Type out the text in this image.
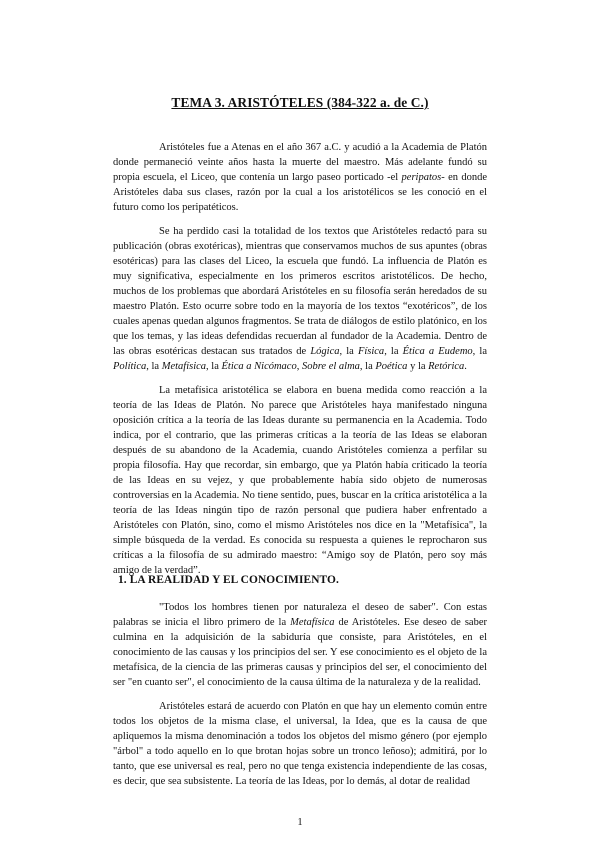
TEMA 3. ARISTÓTELES (384-322 a. de C.)

Aristóteles fue a Atenas en el año 367 a.C. y acudió a la Academia de Platón donde permaneció veinte años hasta la muerte del maestro. Más adelante fundó su propia escuela, el Liceo, que contenía un largo paseo porticado -el peripatos- en donde Aristóteles daba sus clases, razón por la cual a los aristotélicos se les conoció en el futuro como los peripatéticos.

Se ha perdido casi la totalidad de los textos que Aristóteles redactó para su publicación (obras exotéricas), mientras que conservamos muchos de sus apuntes (obras esotéricas) para las clases del Liceo, la escuela que fundó. La influencia de Platón es muy significativa, especialmente en los primeros escritos aristotélicos. De hecho, muchos de los problemas que abordará Aristóteles en su filosofía serán heredados de su maestro Platón. Esto ocurre sobre todo en la mayoría de los textos “exotéricos”, de los cuales apenas quedan algunos fragmentos. Se trata de diálogos de estilo platónico, en los que los temas, y las ideas defendidas recuerdan al fundador de la Academia. Dentro de las obras esotéricas destacan sus tratados de Lógica, la Física, la Ética a Eudemo, la Política, la Metafísica, la Ética a Nicómaco, Sobre el alma, la Poética y la Retórica.

La metafísica aristotélica se elabora en buena medida como reacción a la teoría de las Ideas de Platón. No parece que Aristóteles haya manifestado ninguna oposición crítica a la teoría de las Ideas durante su permanencia en la Academia. Todo indica, por el contrario, que las primeras críticas a la teoría de las Ideas se elaboran después de su abandono de la Academia, cuando Aristóteles comienza a perfilar su propia filosofía. Hay que recordar, sin embargo, que ya Platón había criticado la teoría de las Ideas en su vejez, y que probablemente había sido objeto de numerosas controversias en la Academia. No tiene sentido, pues, buscar en la crítica aristotélica a la teoría de las Ideas ningún tipo de razón personal que pudiera haber enfrentado a Aristóteles con Platón, sino, como el mismo Aristóteles nos dice en la "Metafísica", la simple búsqueda de la verdad. Es conocida su respuesta a quienes le reprocharon sus críticas a la filosofía de su admirado maestro: “Amigo soy de Platón, pero soy más amigo de la verdad”.

1. LA REALIDAD Y EL CONOCIMIENTO.

"Todos los hombres tienen por naturaleza el deseo de saber". Con estas palabras se inicia el libro primero de la Metafísica de Aristóteles. Ese deseo de saber culmina en la adquisición de la sabiduría que consiste, para Aristóteles, en el conocimiento de las causas y los principios del ser. Y ese conocimiento es el objeto de la metafísica, de la ciencia de las primeras causas y principios del ser, el conocimiento del ser "en cuanto ser", el conocimiento de la causa última de la naturaleza y de la realidad.

Aristóteles estará de acuerdo con Platón en que hay un elemento común entre todos los objetos de la misma clase, el universal, la Idea, que es la causa de que apliquemos la misma denominación a todos los objetos del mismo género (por ejemplo "árbol" a todo aquello en lo que brotan hojas sobre un tronco leñoso); admitirá, por lo tanto, que ese universal es real, pero no que tenga existencia independiente de las cosas, es decir, que sea subsistente. La teoría de las Ideas, por lo demás, al dotar de realidad

1
